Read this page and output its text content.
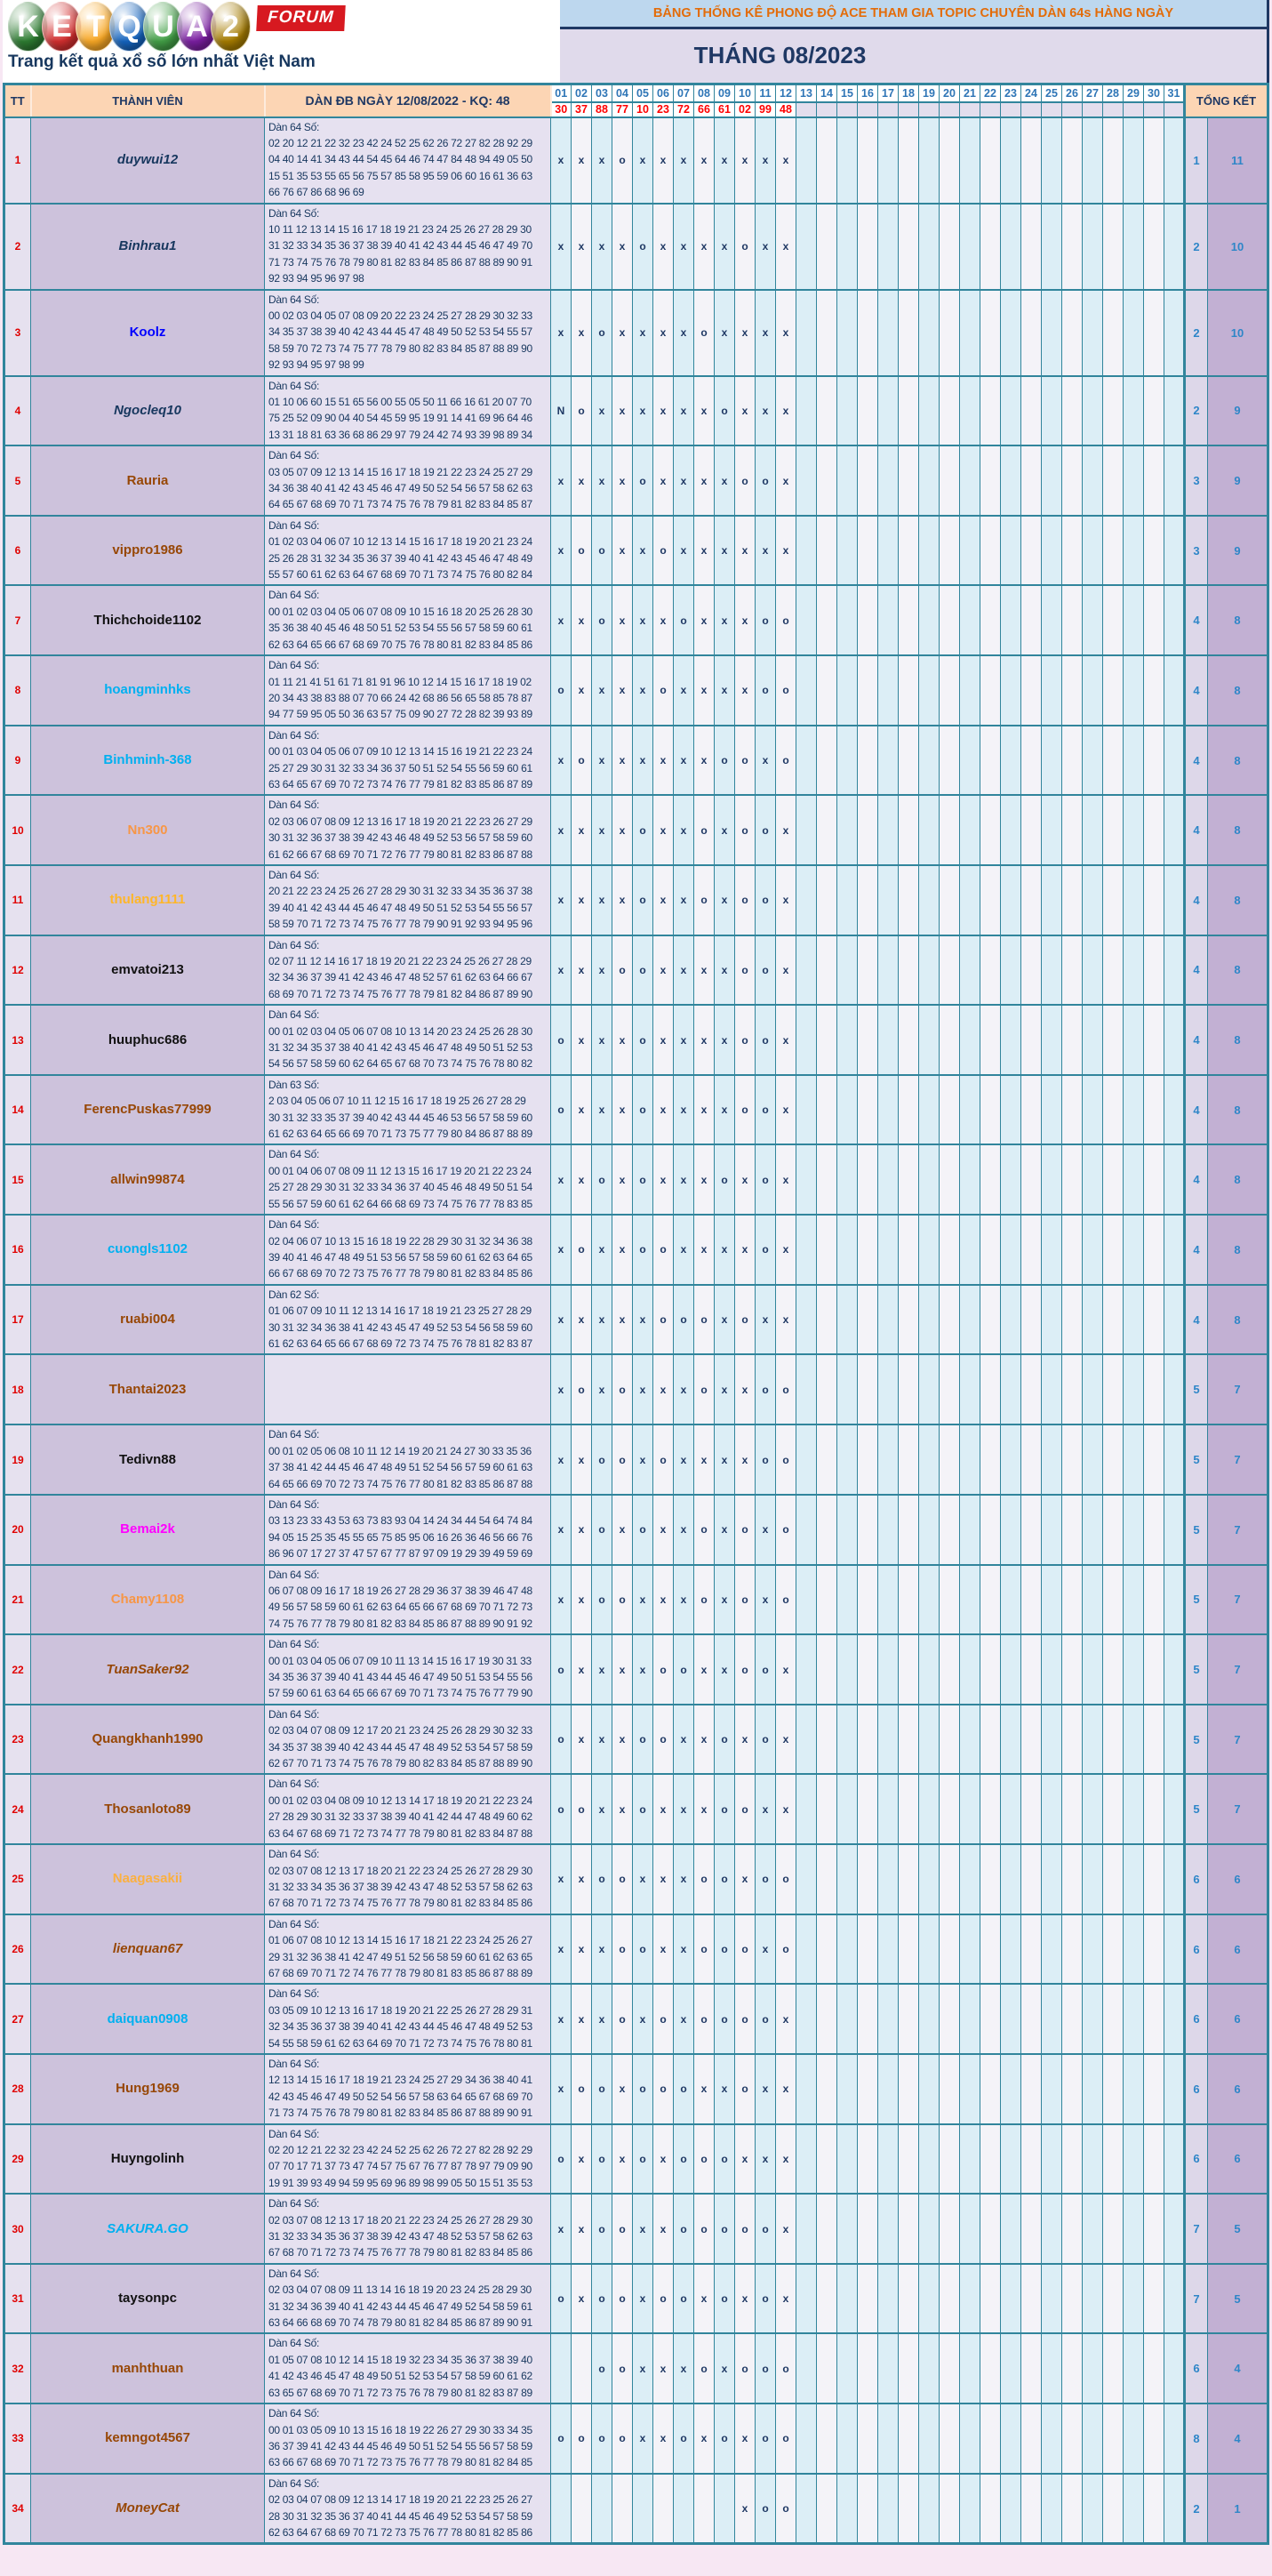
K E T Q U A 2	FORUM
Trang kết quả xổ số lớn nhất Việt Nam
BẢNG THỐNG KÊ PHONG ĐỘ ACE THAM GIA TOPIC CHUYÊN DÀN 64s HÀNG NGÀY
THÁNG 08/2023
TT	THÀNH VIÊN	DÀN ĐB NGÀY 12/08/2022 - KQ: 48	01	02	03	04	05	06	07	08	09	10	11	12	13	14	15	16	17	18	19	20	21	22	23	24	25	26	27	28	29	30	31	TỔNG KẾT	
			30	37	88	77	10	23	72	66	61	02	99	48																					
1	duywui12	Dàn 64 Số:
02 20 12 21 22 32 23 42 24 52 25 62 26 72 27 82 28 92 29
04 40 14 41 34 43 44 54 45 64 46 74 47 84 48 94 49 05 50
15 51 35 53 55 65 56 75 57 85 58 95 59 06 60 16 61 36 63
66 76 67 86 68 96 69	x	x	x	o	x	x	x	x	x	x	x	x																				1	11
2	Binhrau1	Dàn 64 Số:
10 11 12 13 14 15 16 17 18 19 21 23 24 25 26 27 28 29 30
31 32 33 34 35 36 37 38 39 40 41 42 43 44 45 46 47 49 70
71 73 74 75 76 78 79 80 81 82 83 84 85 86 87 88 89 90 91
92 93 94 95 96 97 98	x	x	x	x	o	x	x	x	x	o	x	x																				2	10
3	Koolz	Dàn 64 Số:
00 02 03 04 05 07 08 09 20 22 23 24 25 27 28 29 30 32 33
34 35 37 38 39 40 42 43 44 45 47 48 49 50 52 53 54 55 57
58 59 70 72 73 74 75 77 78 79 80 82 83 84 85 87 88 89 90
92 93 94 95 97 98 99	x	x	o	x	x	x	x	o	x	x	x	x																				2	10
4	Ngocleq10	Dàn 64 Số:
01 10 06 60 15 51 65 56 00 55 05 50 11 66 16 61 20 07 70
75 25 52 09 90 04 40 54 45 59 95 19 91 14 41 69 96 64 46
13 31 18 81 63 36 68 86 29 97 79 24 42 74 93 39 98 89 34	N	o	x	x	x	x	x	x	o	x	x	x																				2	9
5	Rauria	Dàn 64 Số:
03 05 07 09 12 13 14 15 16 17 18 19 21 22 23 24 25 27 29
34 36 38 40 41 42 43 45 46 47 49 50 52 54 56 57 58 62 63
64 65 67 68 69 70 71 73 74 75 76 78 79 81 82 83 84 85 87	x	x	x	x	o	x	x	x	x	o	o	x																				3	9
6	vippro1986	Dàn 64 Số:
01 02 03 04 06 07 10 12 13 14 15 16 17 18 19 20 21 23 24
25 26 28 31 32 34 35 36 37 39 40 41 42 43 45 46 47 48 49
55 57 60 61 62 63 64 67 68 69 70 71 73 74 75 76 80 82 84	x	o	o	x	x	o	x	x	x	x	x	x																				3	9
7	Thichchoide1102	Dàn 64 Số:
00 01 02 03 04 05 06 07 08 09 10 15 16 18 20 25 26 28 30
35 36 38 40 45 46 48 50 51 52 53 54 55 56 57 58 59 60 61
62 63 64 65 66 67 68 69 70 75 76 78 80 81 82 83 84 85 86	x	x	o	x	x	x	o	x	x	x	o	o																				4	8
8	hoangminhks	Dàn 64 Số:
01 11 21 41 51 61 71 81 91 96 10 12 14 15 16 17 18 19 02
20 34 43 38 83 88 07 70 66 24 42 68 86 56 65 58 85 78 87
94 77 59 95 05 50 36 63 57 75 09 90 27 72 28 82 39 93 89	o	x	x	x	x	o	x	x	x	x	o	o																				4	8
9	Binhminh-368	Dàn 64 Số:
00 01 03 04 05 06 07 09 10 12 13 14 15 16 19 21 22 23 24
25 27 29 30 31 32 33 34 36 37 50 51 52 54 55 56 59 60 61
63 64 65 67 69 70 72 73 74 76 77 79 81 82 83 85 86 87 89	x	o	x	x	x	x	x	x	o	o	x	o																				4	8
10	Nn300	Dàn 64 Số:
02 03 06 07 08 09 12 13 16 17 18 19 20 21 22 23 26 27 29
30 31 32 36 37 38 39 42 43 46 48 49 52 53 56 57 58 59 60
61 62 66 67 68 69 70 71 72 76 77 79 80 81 82 83 86 87 88	x	x	x	x	o	x	x	o	x	o	o	x																				4	8
11	thulang1111	Dàn 64 Số:
20 21 22 23 24 25 26 27 28 29 30 31 32 33 34 35 36 37 38
39 40 41 42 43 44 45 46 47 48 49 50 51 52 53 54 55 56 57
58 59 70 71 72 73 74 75 76 77 78 79 90 91 92 93 94 95 96	x	x	x	x	o	x	x	o	x	o	o	x																				4	8
12	emvatoi213	Dàn 64 Số:
02 07 11 12 14 16 17 18 19 20 21 22 23 24 25 26 27 28 29
32 34 36 37 39 41 42 43 46 47 48 52 57 61 62 63 64 66 67
68 69 70 71 72 73 74 75 76 77 78 79 81 82 84 86 87 89 90	x	x	x	o	o	x	x	x	x	o	o	x																				4	8
13	huuphuc686	Dàn 64 Số:
00 01 02 03 04 05 06 07 08 10 13 14 20 23 24 25 26 28 30
31 32 34 35 37 38 40 41 42 43 45 46 47 48 49 50 51 52 53
54 56 57 58 59 60 62 64 65 67 68 70 73 74 75 76 78 80 82	o	x	x	x	o	x	x	x	x	o	o	x																				4	8
14	FerencPuskas77999	Dàn 63 Số:
2 03 04 05 06 07 10 11 12 15 16 17 18 19 25 26 27 28 29
30 31 32 33 35 37 39 40 42 43 44 45 46 53 56 57 58 59 60
61 62 63 64 65 66 69 70 71 73 75 77 79 80 84 86 87 88 89	o	x	x	x	o	x	x	x	x	o	o	x																				4	8
15	allwin99874	Dàn 64 Số:
00 01 04 06 07 08 09 11 12 13 15 16 17 19 20 21 22 23 24
25 27 28 29 30 31 32 33 34 36 37 40 45 46 48 49 50 51 54
55 56 57 59 60 61 62 64 66 68 69 73 74 75 76 77 78 83 85	x	x	o	x	o	x	x	x	o	x	o	x																				4	8
16	cuongls1102	Dàn 64 Số:
02 04 06 07 10 13 15 16 18 19 22 28 29 30 31 32 34 36 38
39 40 41 46 47 48 49 51 53 56 57 58 59 60 61 62 63 64 65
66 67 68 69 70 72 73 75 76 77 78 79 80 81 82 83 84 85 86	x	o	x	x	o	o	x	x	x	x	o	x																				4	8
17	ruabi004	Dàn 62 Số:
01 06 07 09 10 11 12 13 14 16 17 18 19 21 23 25 27 28 29
30 31 32 34 36 38 41 42 43 45 47 49 52 53 54 56 58 59 60
61 62 63 64 65 66 67 68 69 72 73 74 75 76 78 81 82 83 87	x	x	x	x	x	o	o	o	x	o	x	x																				4	8
18	Thantai2023		x	o	x	o	x	x	x	o	x	x	o	o																				5	7
19	Tedivn88	Dàn 64 Số:
00 01 02 05 06 08 10 11 12 14 19 20 21 24 27 30 33 35 36
37 38 41 42 44 45 46 47 48 49 51 52 54 56 57 59 60 61 63
64 65 66 69 70 72 73 74 75 76 77 80 81 82 83 85 86 87 88	x	x	o	o	x	o	x	x	x	x	o	o																				5	7
20	Bemai2k	Dàn 64 Số:
03 13 23 33 43 53 63 73 83 93 04 14 24 34 44 54 64 74 84
94 05 15 25 35 45 55 65 75 85 95 06 16 26 36 46 56 66 76
86 96 07 17 27 37 47 57 67 77 87 97 09 19 29 39 49 59 69	x	x	o	x	o	x	x	o	x	o	x	o																				5	7
21	Chamy1108	Dàn 64 Số:
06 07 08 09 16 17 18 19 26 27 28 29 36 37 38 39 46 47 48
49 56 57 58 59 60 61 62 63 64 65 66 67 68 69 70 71 72 73
74 75 76 77 78 79 80 81 82 83 84 85 86 87 88 89 90 91 92	x	x	o	o	x	x	x	o	x	o	x	o																				5	7
22	TuanSaker92	Dàn 64 Số:
00 01 03 04 05 06 07 09 10 11 13 14 15 16 17 19 30 31 33
34 35 36 37 39 40 41 43 44 45 46 47 49 50 51 53 54 55 56
57 59 60 61 63 64 65 66 67 69 70 71 73 74 75 76 77 79 90	o	x	x	x	x	o	o	x	x	o	o	x																				5	7
23	Quangkhanh1990	Dàn 64 Số:
02 03 04 07 08 09 12 17 20 21 23 24 25 26 28 29 30 32 33
34 35 37 38 39 40 42 43 44 45 47 48 49 52 53 54 57 58 59
62 67 70 71 73 74 75 76 78 79 80 82 83 84 85 87 88 89 90	o	x	x	x	o	o	x	x	o	x	o	x																				5	7
24	Thosanloto89	Dàn 64 Số:
00 01 02 03 04 08 09 10 12 13 14 17 18 19 20 21 22 23 24
27 28 29 30 31 32 33 37 38 39 40 41 42 44 47 48 49 60 62
63 64 67 68 69 71 72 73 74 77 78 79 80 81 82 83 84 87 88	o	o	x	x	o	x	x	x	o	o	x	x																				5	7
25	Naagasakii	Dàn 64 Số:
02 03 07 08 12 13 17 18 20 21 22 23 24 25 26 27 28 29 30
31 32 33 34 35 36 37 38 39 42 43 47 48 52 53 57 58 62 63
67 68 70 71 72 73 74 75 76 77 78 79 80 81 82 83 84 85 86	x	x	o	o	x	x	x	o	o	x	o	o																				6	6
26	lienquan67	Dàn 64 Số:
01 06 07 08 10 12 13 14 15 16 17 18 21 22 23 24 25 26 27
29 31 32 36 38 41 42 47 49 51 52 56 58 59 60 61 62 63 65
67 68 69 70 71 72 74 76 77 78 79 80 81 83 85 86 87 88 89	x	x	x	o	o	x	x	o	o	o	x	o																				6	6
27	daiquan0908	Dàn 64 Số:
03 05 09 10 12 13 16 17 18 19 20 21 22 25 26 27 28 29 31
32 34 35 36 37 38 39 40 41 42 43 44 45 46 47 48 49 52 53
54 55 58 59 61 62 63 64 69 70 71 72 73 74 75 76 78 80 81	x	x	x	o	x	o	x	o	o	o	o	x																				6	6
28	Hung1969	Dàn 64 Số:
12 13 14 15 16 17 18 19 21 23 24 25 27 29 34 36 38 40 41
42 43 45 46 47 49 50 52 54 56 57 58 63 64 65 67 68 69 70
71 73 74 75 76 78 79 80 81 82 83 84 85 86 87 88 89 90 91	x	o	o	x	o	o	o	x	x	o	x	x																				6	6
29	Huyngolinh	Dàn 64 Số:
02 20 12 21 22 32 23 42 24 52 25 62 26 72 27 82 28 92 29
07 70 17 71 37 73 47 74 57 75 67 76 77 87 78 97 79 09 90
19 91 39 93 49 94 59 95 69 96 89 98 99 05 50 15 51 35 53	o	x	o	x	o	x	o	o	o	x	x	x																				6	6
30	SAKURA.GO	Dàn 64 Số:
02 03 07 08 12 13 17 18 20 21 22 23 24 25 26 27 28 29 30
31 32 33 34 35 36 37 38 39 42 43 47 48 52 53 57 58 62 63
67 68 70 71 72 73 74 75 76 77 78 79 80 81 82 83 84 85 86	x	x	o	o	x	x	o	o	o	o	o	x																				7	5
31	taysonpc	Dàn 64 Số:
02 03 04 07 08 09 11 13 14 16 18 19 20 23 24 25 28 29 30
31 32 34 36 39 40 41 42 43 44 45 46 47 49 52 54 58 59 61
63 64 66 68 69 70 74 78 79 80 81 82 84 85 86 87 89 90 91	o	x	o	o	x	o	o	x	o	x	o	x																				7	5
32	manhthuan	Dàn 64 Số:
01 05 07 08 10 12 14 15 18 19 32 23 34 35 36 37 38 39 40
41 42 43 46 45 47 48 49 50 51 52 53 54 57 58 59 60 61 62
63 65 67 68 69 70 71 72 73 75 76 78 79 80 81 82 83 87 89			o	o	x	x	x	o	x	o	o	o																				6	4
33	kemngot4567	Dàn 64 Số:
00 01 03 05 09 10 13 15 16 18 19 22 26 27 29 30 33 34 35
36 37 39 41 42 43 44 45 46 49 50 51 52 54 55 56 57 58 59
63 66 67 68 69 70 71 72 73 75 76 77 78 79 80 81 82 84 85	o	o	o	o	x	x	o	x	o	x	o	o																				8	4
34	MoneyCat	Dàn 64 Số:
02 03 04 07 08 09 12 13 14 17 18 19 20 21 22 23 25 26 27
28 30 31 32 35 36 37 40 41 44 45 46 49 52 53 54 57 58 59
62 63 64 67 68 69 70 71 72 73 75 76 77 78 80 81 82 85 86										x	o	o																				2	1
